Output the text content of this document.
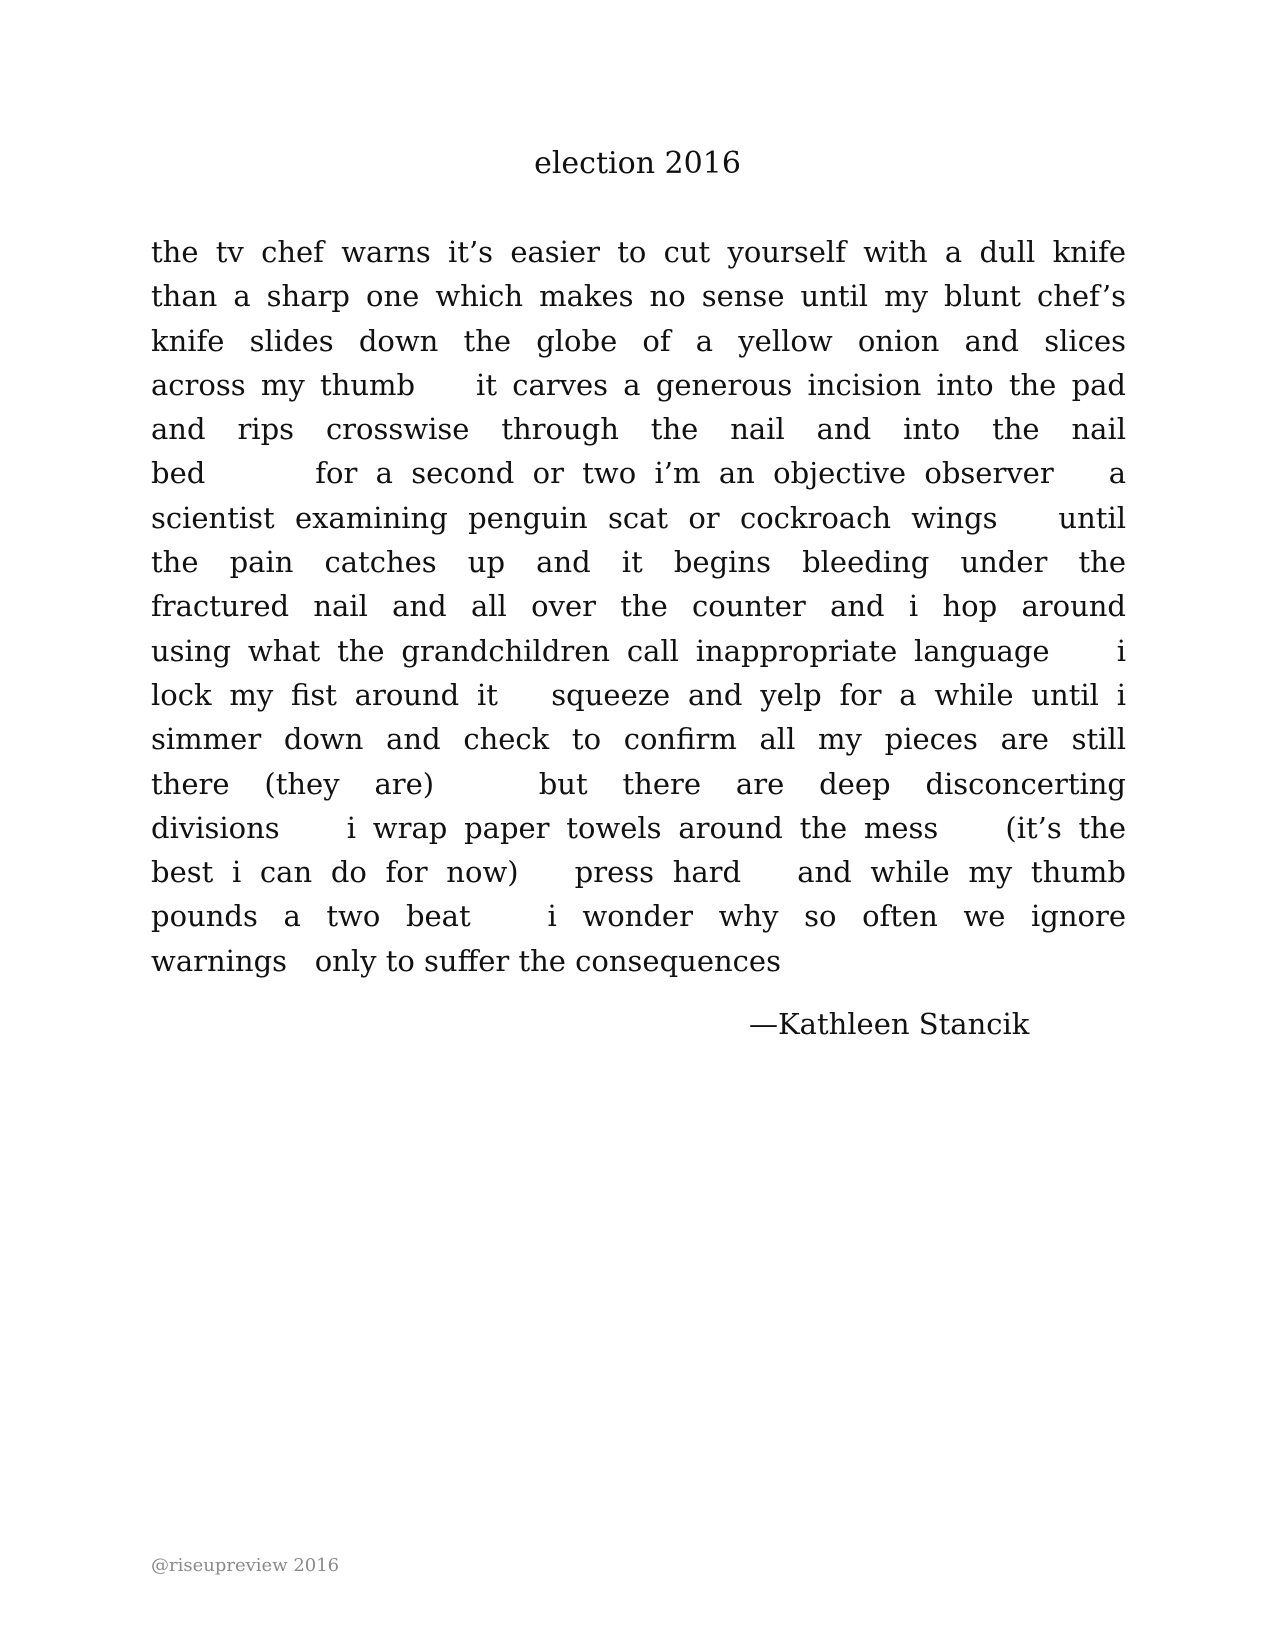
election 2016
the tv chef warns it’s easier to cut yourself with a dull knife
than a sharp one which makes no sense until my blunt chef’s
knife slides down the globe of a yellow onion and slices
across my thumb    it carves a generous incision into the pad
and rips crosswise through the nail and into the nail
bed      for a second or two i’m an objective observer   a
scientist examining penguin scat or cockroach wings   until
the pain catches up and it begins bleeding under the
fractured nail and all over the counter and i hop around
using what the grandchildren call inappropriate language    i
lock my fist around it   squeeze and yelp for a while until i
simmer down and check to confirm all my pieces are still
there (they are)   but there are deep disconcerting
divisions    i wrap paper towels around the mess    (it’s the
best i can do for now)   press hard   and while my thumb
pounds a two beat   i wonder why so often we ignore
warnings   only to suffer the consequences
—Kathleen Stancik
@riseupreview 2016
